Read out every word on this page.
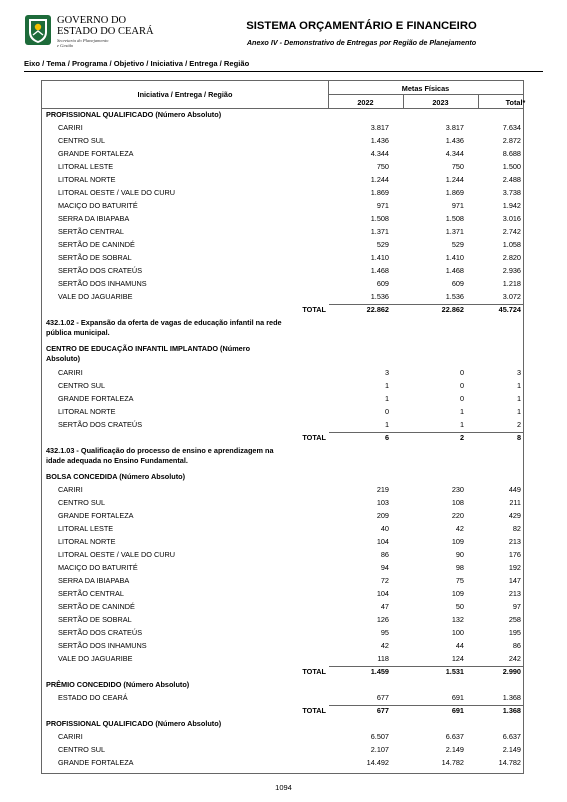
GOVERNO DO
ESTADO DO CEARÁ
Secretaria do Planejamento
e Gestão
SISTEMA ORÇAMENTÁRIO E FINANCEIRO
Anexo IV - Demonstrativo de Entregas por Região de Planejamento
Eixo / Tema / Programa / Objetivo / Iniciativa / Entrega / Região
Iniciativa / Entrega / Região
Metas Físicas
2022	2023	Total*
PROFISSIONAL QUALIFICADO (Número Absoluto)
CARIRI	3.817	3.817	7.634
CENTRO SUL	1.436	1.436	2.872
GRANDE FORTALEZA	4.344	4.344	8.688
LITORAL LESTE	750	750	1.500
LITORAL NORTE	1.244	1.244	2.488
LITORAL OESTE / VALE DO CURU	1.869	1.869	3.738
MACIÇO DO BATURITÉ	971	971	1.942
SERRA DA IBIAPABA	1.508	1.508	3.016
SERTÃO CENTRAL	1.371	1.371	2.742
SERTÃO DE CANINDÉ	529	529	1.058
SERTÃO DE SOBRAL	1.410	1.410	2.820
SERTÃO DOS CRATEÚS	1.468	1.468	2.936
SERTÃO DOS INHAMUNS	609	609	1.218
VALE DO JAGUARIBE	1.536	1.536	3.072
TOTAL	22.862	22.862	45.724
432.1.02 - Expansão da oferta de vagas de educação infantil na rede pública municipal.
CENTRO DE EDUCAÇÃO INFANTIL IMPLANTADO (Número Absoluto)
CARIRI	3	0	3
CENTRO SUL	1	0	1
GRANDE FORTALEZA	1	0	1
LITORAL NORTE	0	1	1
SERTÃO DOS CRATEÚS	1	1	2
TOTAL	6	2	8
432.1.03 - Qualificação do processo de ensino e aprendizagem na idade adequada no Ensino Fundamental.
BOLSA CONCEDIDA (Número Absoluto)
CARIRI	219	230	449
CENTRO SUL	103	108	211
GRANDE FORTALEZA	209	220	429
LITORAL LESTE	40	42	82
LITORAL NORTE	104	109	213
LITORAL OESTE / VALE DO CURU	86	90	176
MACIÇO DO BATURITÉ	94	98	192
SERRA DA IBIAPABA	72	75	147
SERTÃO CENTRAL	104	109	213
SERTÃO DE CANINDÉ	47	50	97
SERTÃO DE SOBRAL	126	132	258
SERTÃO DOS CRATEÚS	95	100	195
SERTÃO DOS INHAMUNS	42	44	86
VALE DO JAGUARIBE	118	124	242
TOTAL	1.459	1.531	2.990
PRÊMIO CONCEDIDO (Número Absoluto)
ESTADO DO CEARÁ	677	691	1.368
TOTAL	677	691	1.368
PROFISSIONAL QUALIFICADO (Número Absoluto)
CARIRI	6.507	6.637	6.637
CENTRO SUL	2.107	2.149	2.149
GRANDE FORTALEZA	14.492	14.782	14.782
1094
